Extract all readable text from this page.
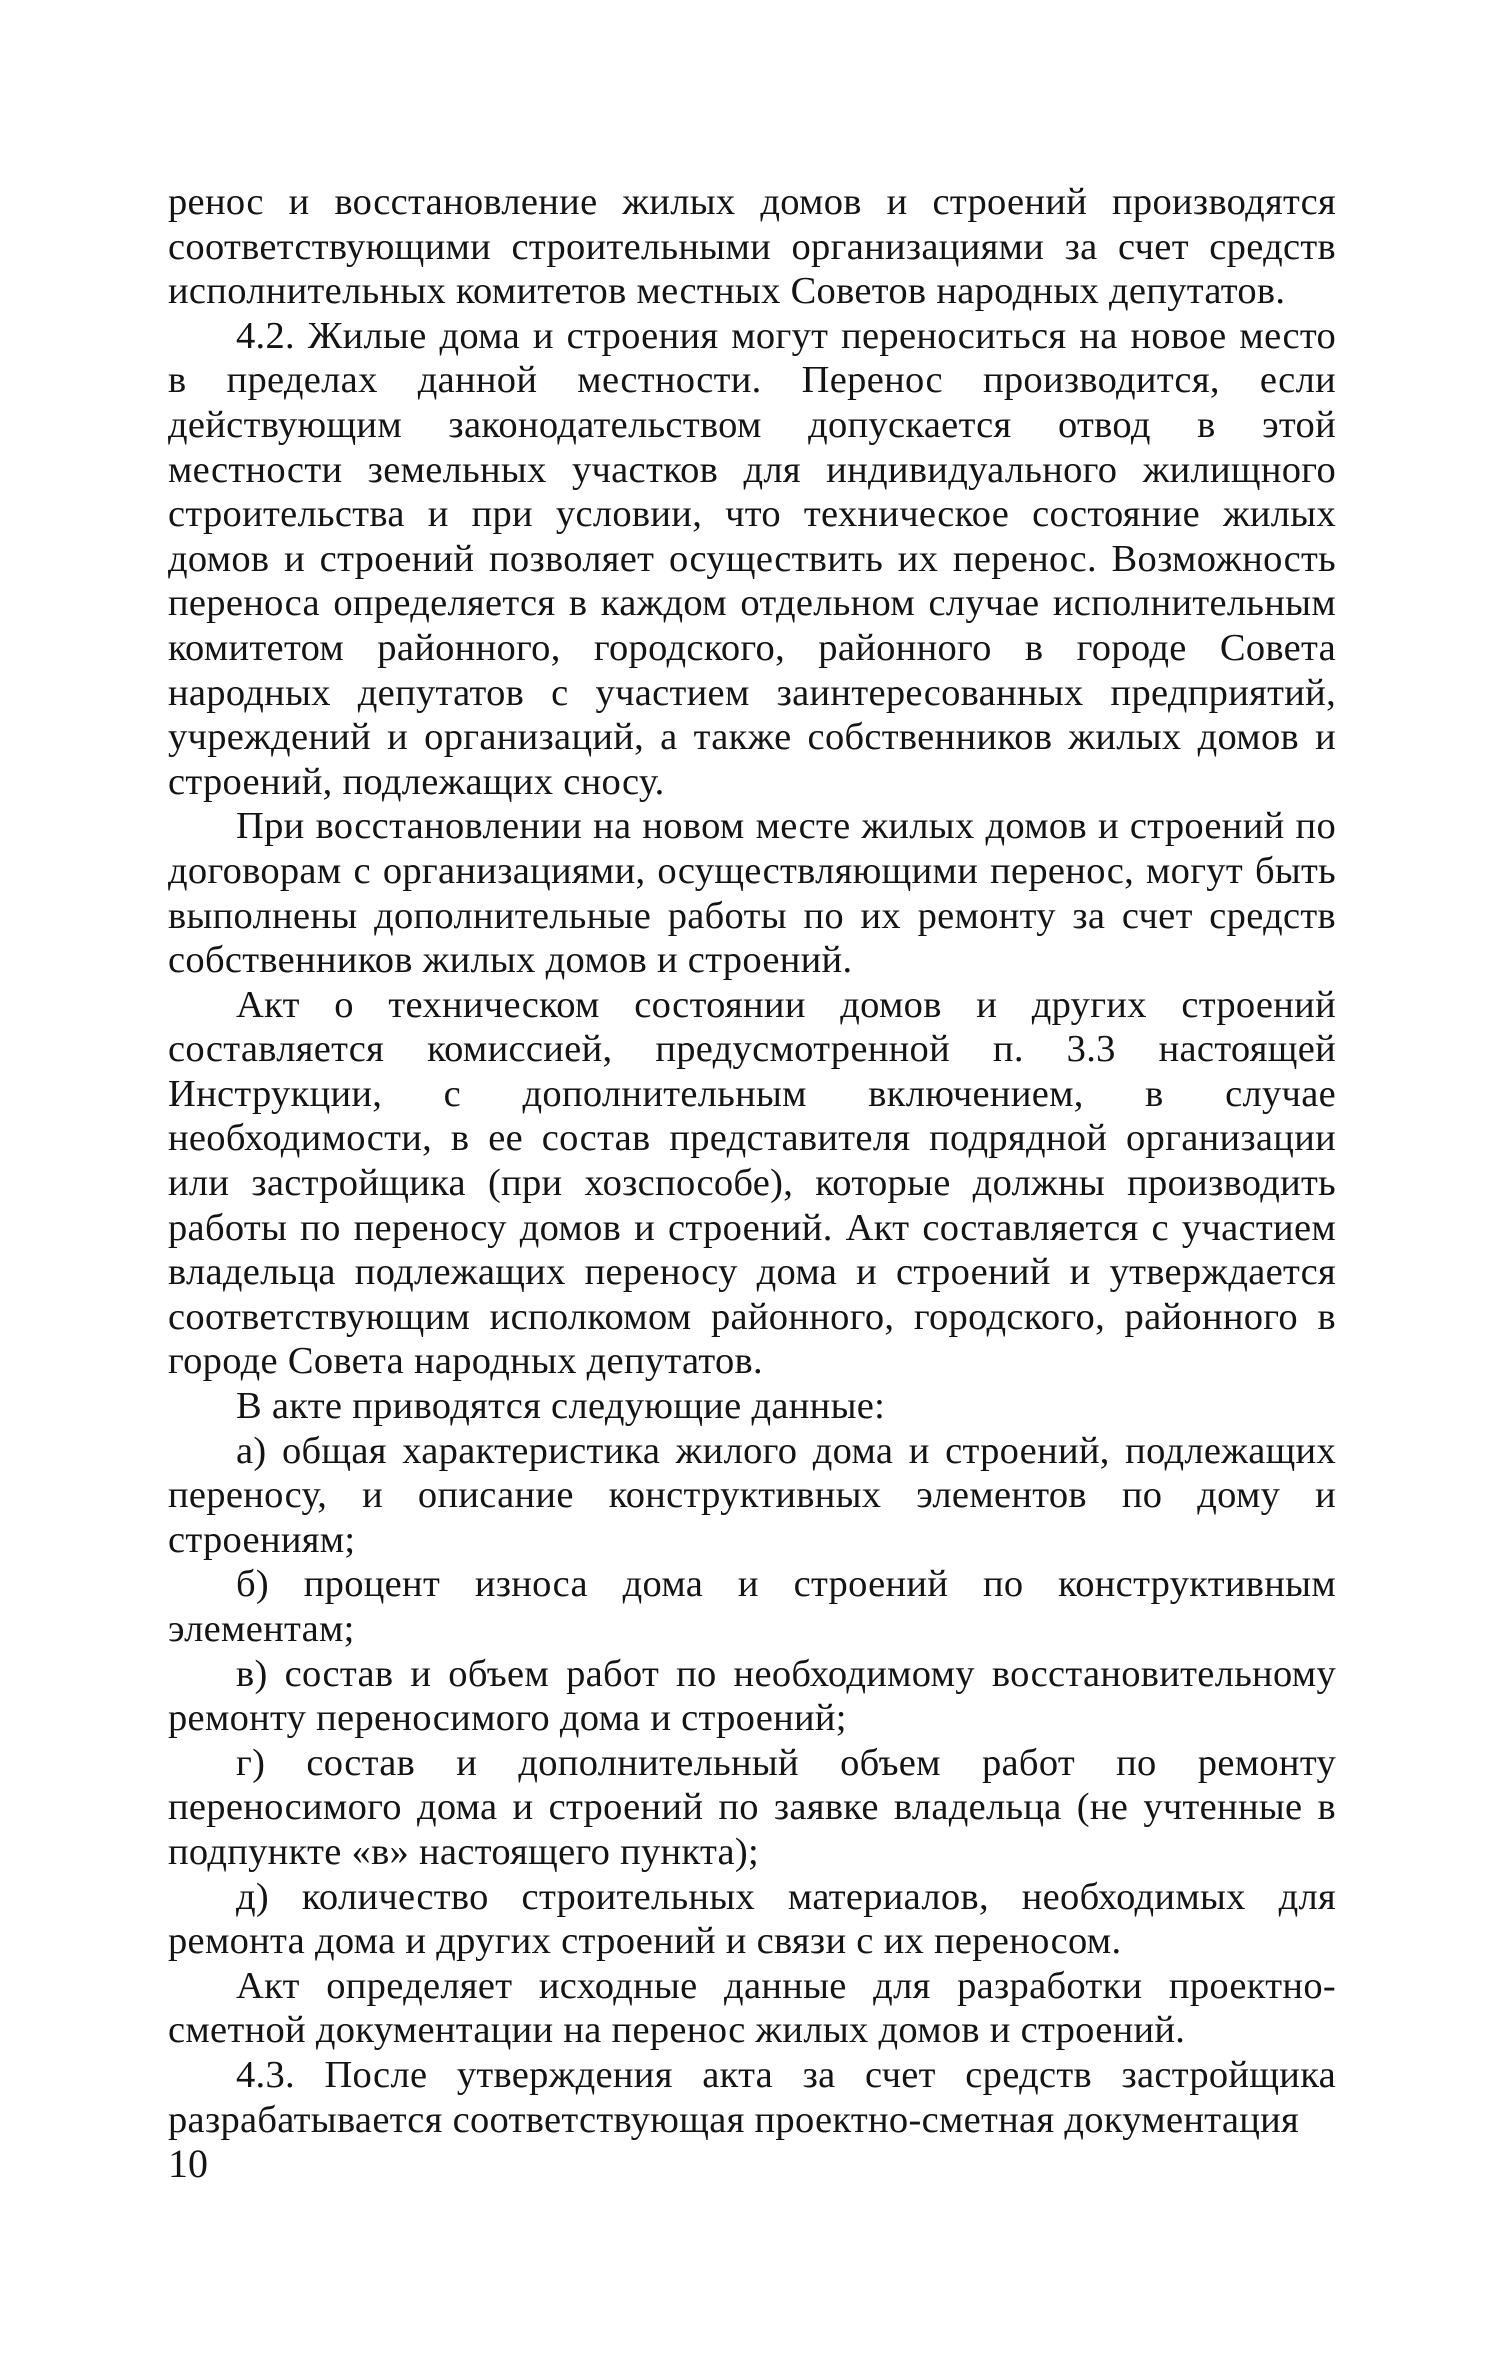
ренос и восстановление жилых домов и строений производятся соответствующими строительными организациями за счет средств исполнительных комитетов местных Советов народных депутатов.

4.2. Жилые дома и строения могут переноситься на новое место в пределах данной местности. Перенос производится, если действующим законодательством допускается отвод в этой местности земельных участков для индивидуального жилищного строительства и при условии, что техническое состояние жилых домов и строений позволяет осуществить их перенос. Возможность переноса определяется в каждом отдельном случае исполнительным комитетом районного, городского, районного в городе Совета народных депутатов с участием заинтересованных предприятий, учреждений и организаций, а также собственников жилых домов и строений, подлежащих сносу.

При восстановлении на новом месте жилых домов и строений по договорам с организациями, осуществляющими перенос, могут быть выполнены дополнительные работы по их ремонту за счет средств собственников жилых домов и строений.

Акт о техническом состоянии домов и других строений составляется комиссией, предусмотренной п. 3.3 настоящей Инструкции, с дополнительным включением, в случае необходимости, в ее состав представителя подрядной организации или застройщика (при хозспособе), которые должны производить работы по переносу домов и строений. Акт составляется с участием владельца подлежащих переносу дома и строений и утверждается соответствующим исполкомом районного, городского, районного в городе Совета народных депутатов.

В акте приводятся следующие данные:

а) общая характеристика жилого дома и строений, подлежащих переносу, и описание конструктивных элементов по дому и строениям;

б) процент износа дома и строений по конструктивным элементам;

в) состав и объем работ по необходимому восстановительному ремонту переносимого дома и строений;

г) состав и дополнительный объем работ по ремонту переносимого дома и строений по заявке владельца (не учтенные в подпункте «в» настоящего пункта);

д) количество строительных материалов, необходимых для ремонта дома и других строений и связи с их переносом.

Акт определяет исходные данные для разработки проектно-сметной документации на перенос жилых домов и строений.

4.3. После утверждения акта за счет средств застройщика разрабатывается соответствующая проектно-сметная документация

10
